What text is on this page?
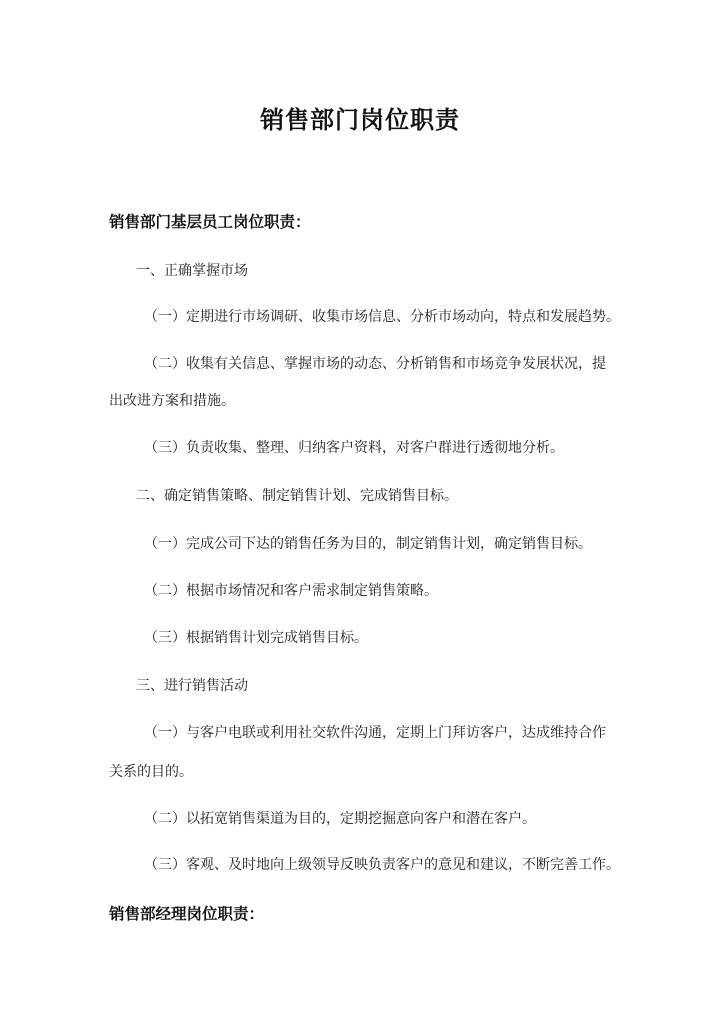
销售部门岗位职责
销售部门基层员工岗位职责：
一、正确掌握市场
（一）定期进行市场调研、收集市场信息、分析市场动向，特点和发展趋势。
（二）收集有关信息、掌握市场的动态、分析销售和市场竞争发展状况，提
出改进方案和措施。
（三）负责收集、整理、归纳客户资料，对客户群进行透彻地分析。
二、确定销售策略、制定销售计划、完成销售目标。
（一）完成公司下达的销售任务为目的，制定销售计划，确定销售目标。
（二）根据市场情况和客户需求制定销售策略。
（三）根据销售计划完成销售目标。
三、进行销售活动
（一）与客户电联或利用社交软件沟通，定期上门拜访客户，达成维持合作
关系的目的。
（二）以拓宽销售渠道为目的，定期挖掘意向客户和潜在客户。
（三）客观、及时地向上级领导反映负责客户的意见和建议，不断完善工作。
销售部经理岗位职责：
